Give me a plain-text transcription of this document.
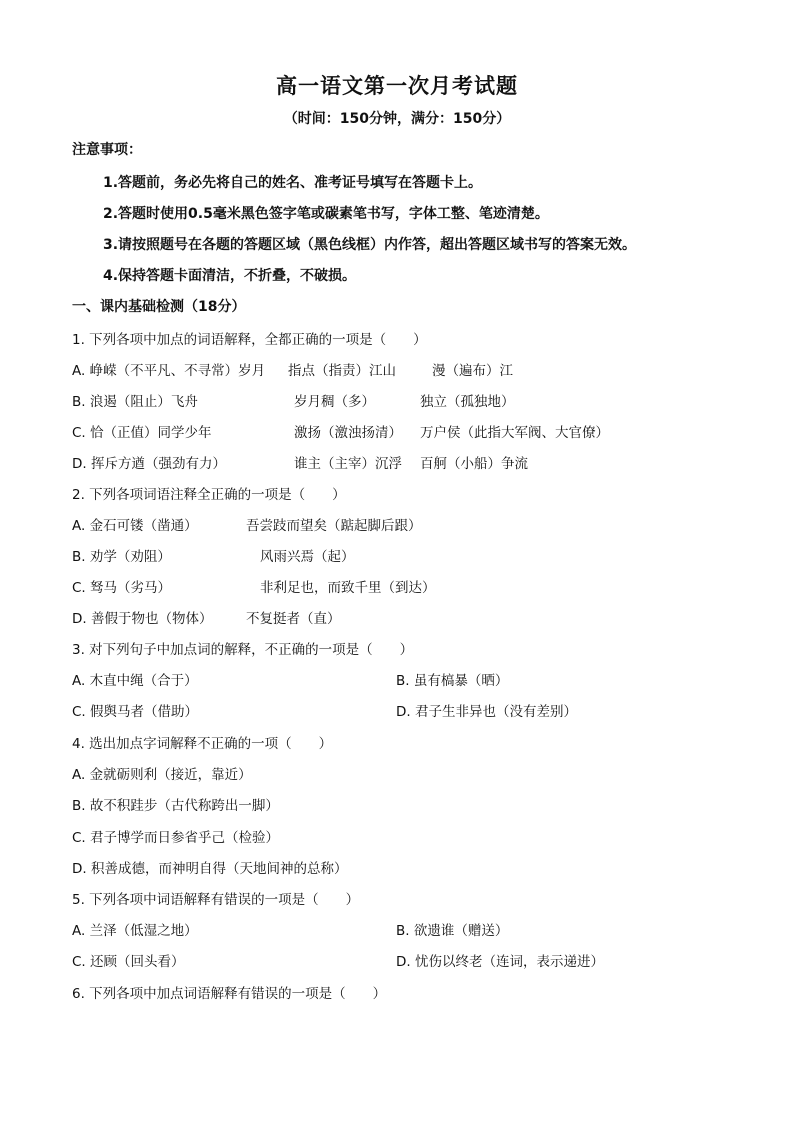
高一语文第一次月考试题
（时间：150分钟，满分：150分）
注意事项：
1.答题前，务必先将自己的姓名、准考证号填写在答题卡上。
2.答题时使用0.5毫米黑色签字笔或碳素笔书写，字体工整、笔迹清楚。
3.请按照题号在各题的答题区域（黑色线框）内作答，超出答题区域书写的答案无效。
4.保持答题卡面清洁，不折叠，不破损。
一、课内基础检测（18分）
1. 下列各项中加点的词语解释，全都正确的一项是（　　）
A. 峥嵘（不平凡、不寻常）岁月 指点（指责）江山	漫（遍布）江
B. 浪遏（阻止）飞舟	岁月稠（多）	独立（孤独地）
C. 恰（正值）同学少年	激扬（激浊扬清） 万户侯（此指大军阀、大官僚）
D. 挥斥方遒（强劲有力）	谁主（主宰）沉浮 百舸（小船）争流
2. 下列各项词语注释全正确的一项是（　　）
A. 金石可镂（凿通）	吾尝跂而望矣（踮起脚后跟）
B. 劝学（劝阻）	风雨兴焉（起）
C. 驽马（劣马）	非利足也，而致千里（到达）
D. 善假于物也（物体） 不复挺者（直）
3. 对下列句子中加点词的解释，不正确的一项是（　　）
A. 木直中绳（合于）	B. 虽有槁暴（晒）
C. 假舆马者（借助）	D. 君子生非异也（没有差别）
4. 选出加点字词解释不正确的一项（　　）
A. 金就砺则利（接近，靠近）
B. 故不积跬步（古代称跨出一脚）
C. 君子博学而日参省乎己（检验）
D. 积善成德，而神明自得（天地间神的总称）
5. 下列各项中词语解释有错误的一项是（　　）
A. 兰泽（低湿之地）	B. 欲遗谁（赠送）
C. 还顾（回头看）	D. 忧伤以终老（连词，表示递进）
6. 下列各项中加点词语解释有错误的一项是（　　）
